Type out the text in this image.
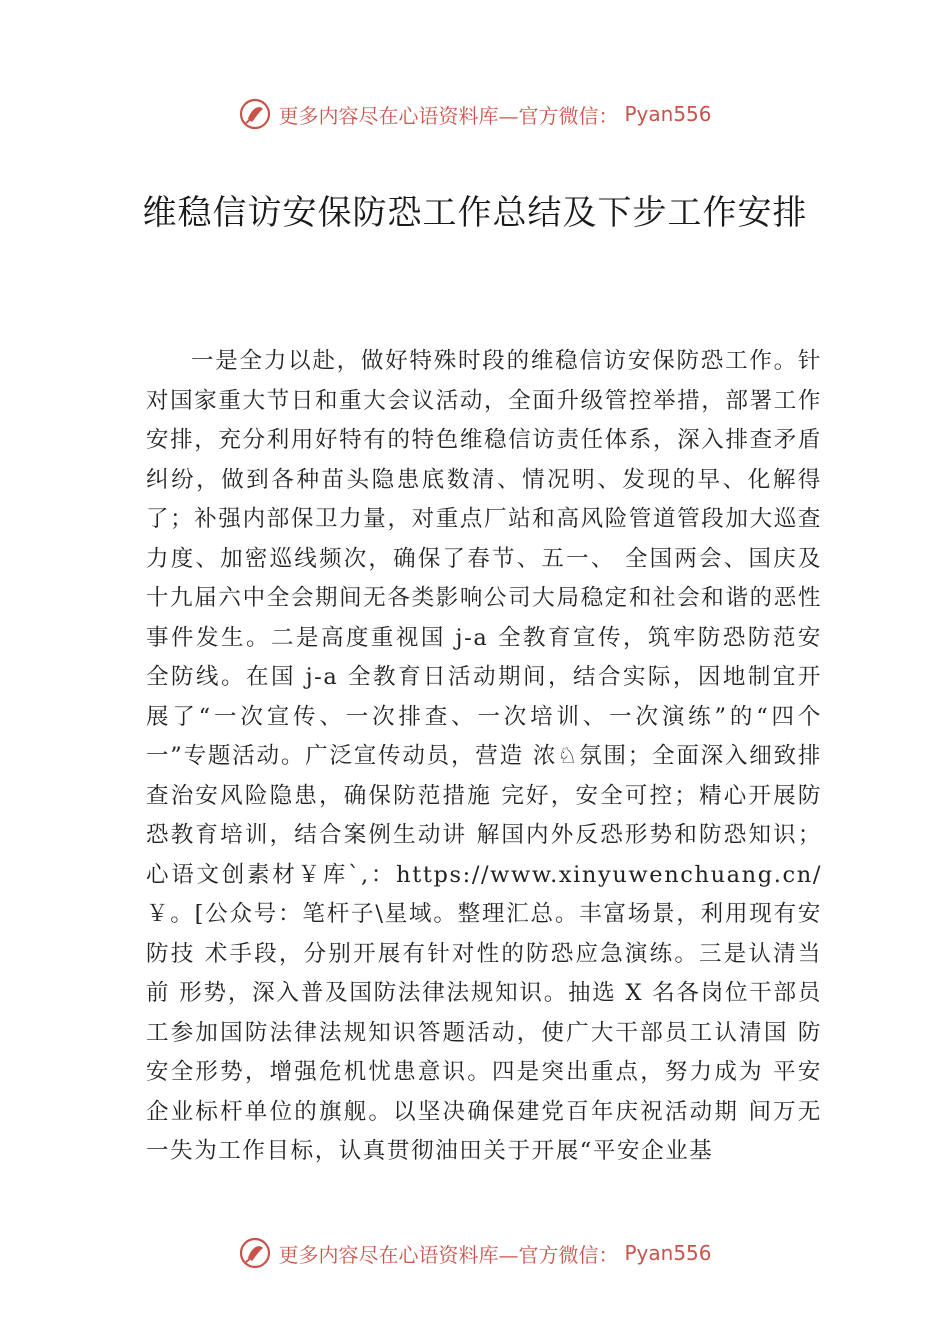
更多内容尽在心语资料库—官方微信： Pyan556
维稳信访安保防恐工作总结及下步工作安排

一是全力以赴，做好特殊时段的维稳信访安保防恐工作。针对国家重大节日和重大会议活动，全面升级管控举措，部署工作安排，充分利用好特有的特色维稳信访责任体系，深入排查矛盾纠纷，做到各种苗头隐患底数清、情况明、发现的早、化解得了；补强内部保卫力量，对重点厂站和高风险管道管段加大巡查力度、加密巡线频次，确保了春节、五一、 全国两会、国庆及十九届六中全会期间无各类影响公司大局稳定和社会和谐的恶性事件发生。二是高度重视国 j-a 全教育宣传，筑牢防恐防范安全防线。在国 j-a 全教育日活动期间，结合实际，因地制宜开展了“一次宣传、一次排查、一次培训、一次演练”的“四个一”专题活动。广泛宣传动员，营造 浓♘氛围；全面深入细致排查治安风险隐患，确保防范措施 完好，安全可控；精心开展防恐教育培训，结合案例生动讲 解国内外反恐形势和防恐知识；心语文创素材￥库`,：https://www.xinyuwenchuang.cn/￥。[公众号：笔杆子\星域。整理汇总。丰富场景，利用现有安防技 术手段，分别开展有针对性的防恐应急演练。三是认清当前 形势，深入普及国防法律法规知识。抽选 X 名各岗位干部员工参加国防法律法规知识答题活动，使广大干部员工认清国 防安全形势，增强危机忧患意识。四是突出重点，努力成为 平安企业标杆单位的旗舰。以坚决确保建党百年庆祝活动期 间万无一失为工作目标，认真贯彻油田关于开展“平安企业基

更多内容尽在心语资料库—官方微信： Pyan556
